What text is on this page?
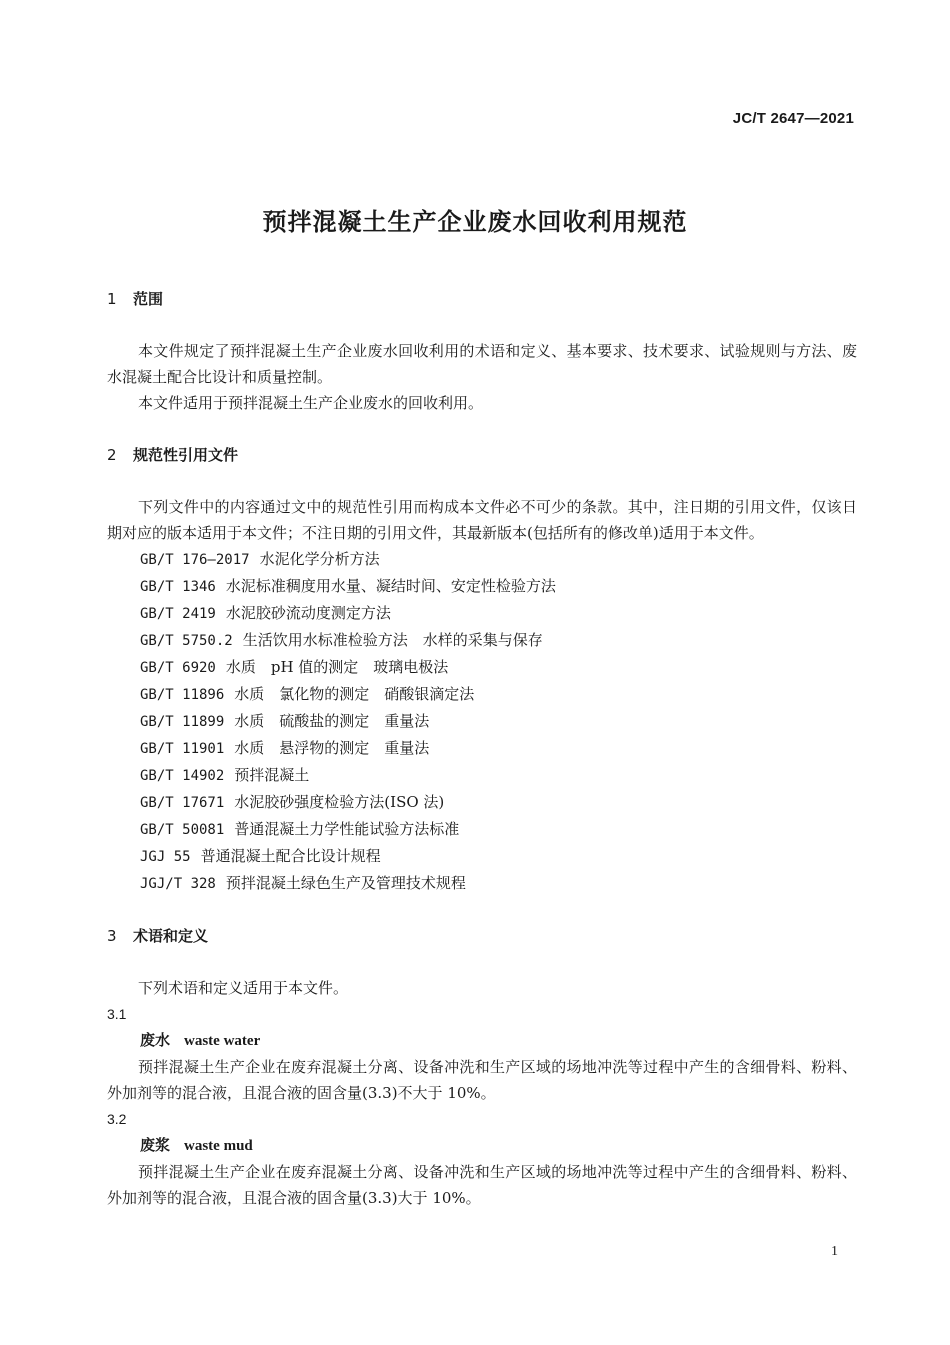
JC/T 2647—2021
预拌混凝土生产企业废水回收利用规范
1 范围

本文件规定了预拌混凝土生产企业废水回收利用的术语和定义、基本要求、技术要求、试验规则与方法、废水混凝土配合比设计和质量控制。

本文件适用于预拌混凝土生产企业废水的回收利用。

2 规范性引用文件

下列文件中的内容通过文中的规范性引用而构成本文件必不可少的条款。其中，注日期的引用文件，仅该日期对应的版本适用于本文件；不注日期的引用文件，其最新版本(包括所有的修改单)适用于本文件。

GB/T 176—2017 水泥化学分析方法
GB/T 1346 水泥标准稠度用水量、凝结时间、安定性检验方法
GB/T 2419 水泥胶砂流动度测定方法
GB/T 5750.2 生活饮用水标准检验方法　水样的采集与保存
GB/T 6920 水质　pH 值的测定　玻璃电极法
GB/T 11896 水质　氯化物的测定　硝酸银滴定法
GB/T 11899 水质　硫酸盐的测定　重量法
GB/T 11901 水质　悬浮物的测定　重量法
GB/T 14902 预拌混凝土
GB/T 17671 水泥胶砂强度检验方法(ISO 法)
GB/T 50081 普通混凝土力学性能试验方法标准
JGJ 55 普通混凝土配合比设计规程
JGJ/T 328 预拌混凝土绿色生产及管理技术规程
3 术语和定义

下列术语和定义适用于本文件。

3.1
废水 waste water

预拌混凝土生产企业在废弃混凝土分离、设备冲洗和生产区域的场地冲洗等过程中产生的含细骨料、粉料、外加剂等的混合液，且混合液的固含量(3.3)不大于 10%。

3.2
废浆 waste mud

预拌混凝土生产企业在废弃混凝土分离、设备冲洗和生产区域的场地冲洗等过程中产生的含细骨料、粉料、外加剂等的混合液，且混合液的固含量(3.3)大于 10%。

1
